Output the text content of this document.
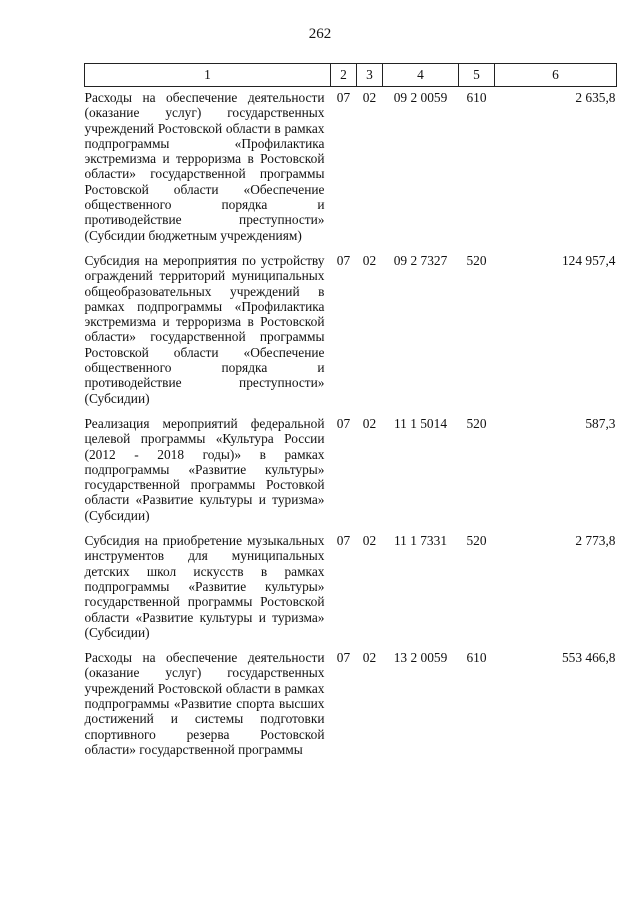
262
1	2	3	4	5	6
Расходы на обеспечение деятельности (оказание услуг) государственных учреждений Ростовской области в рамках подпрограммы «Профилактика экстремизма и терроризма в Ростовской области» государственной программы Ростовской области «Обеспечение общественного порядка и противодействие преступности» (Субсидии бюджетным учреждениям)	07	02	09 2 0059	610	2 635,8
Субсидия на мероприятия по устройству ограждений территорий муниципальных общеобразовательных учреждений в рамках подпрограммы «Профилактика экстремизма и терроризма в Ростовской области» государственной программы Ростовской области «Обеспечение общественного порядка и противодействие преступности» (Субсидии)	07	02	09 2 7327	520	124 957,4
Реализация мероприятий федеральной целевой программы «Культура России (2012 - 2018 годы)» в рамках подпрограммы «Развитие культуры» государственной программы Ростовкой области «Развитие культуры и туризма» (Субсидии)	07	02	11 1 5014	520	587,3
Субсидия на приобретение музыкальных инструментов для муниципальных детских школ искусств в рамках подпрограммы «Развитие культуры» государственной программы Ростовской области «Развитие культуры и туризма» (Субсидии)	07	02	11 1 7331	520	2 773,8
Расходы на обеспечение деятельности (оказание услуг) государственных учреждений Ростовской области в рамках подпрограммы «Развитие спорта высших достижений и системы подготовки спортивного резерва Ростовской области» государственной программы	07	02	13 2 0059	610	553 466,8
